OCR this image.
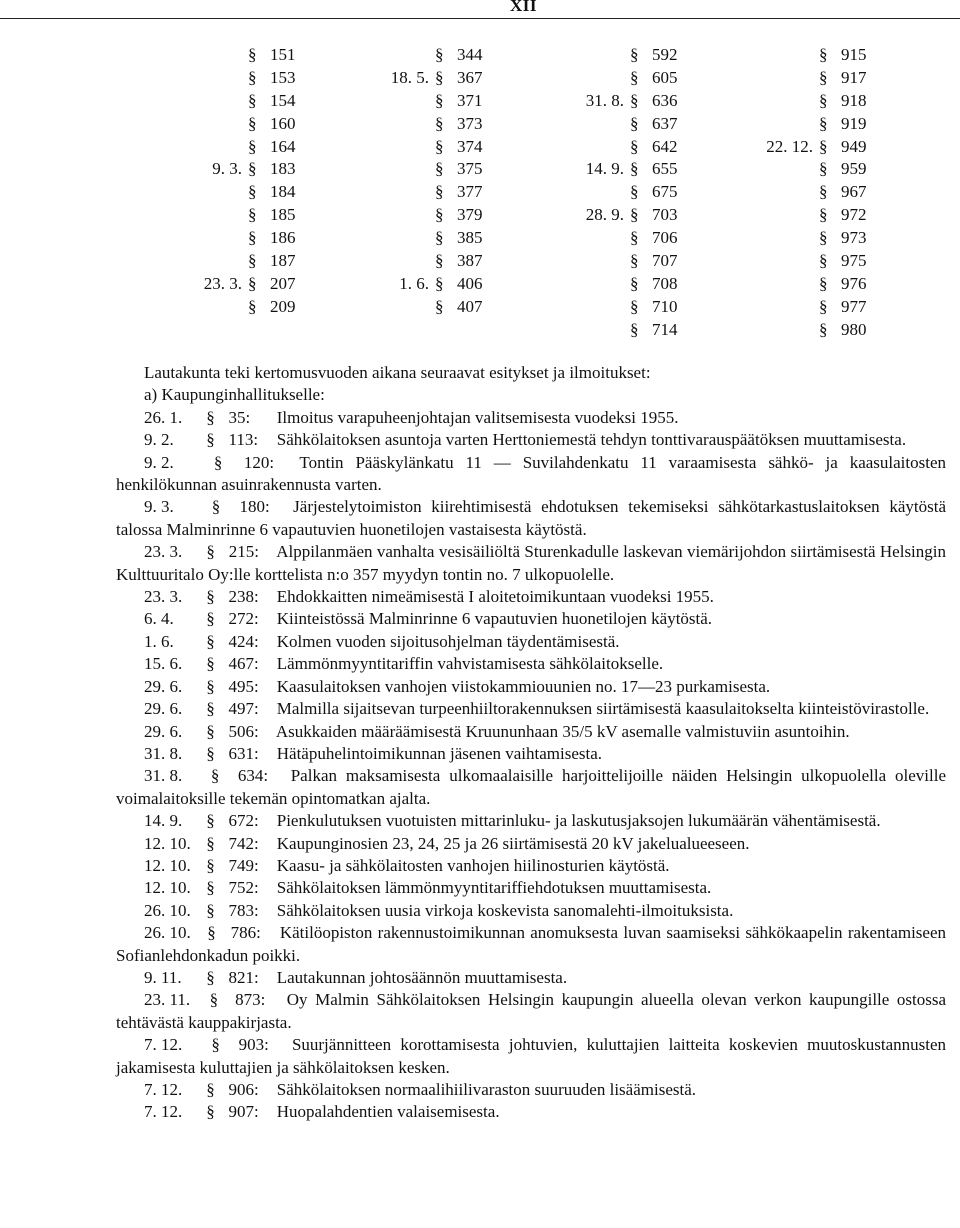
XII
§ 151
§ 153
§ 154
§ 160
§ 164
9. 3. § 183
§ 184
§ 185
§ 186
§ 187
23. 3. § 207
§ 209
§ 344
18. 5. § 367
§ 371
§ 373
§ 374
§ 375
§ 377
§ 379
§ 385
§ 387
1. 6. § 406
§ 407
§ 592
§ 605
31. 8. § 636
§ 637
§ 642
14. 9. § 655
§ 675
28. 9. § 703
§ 706
§ 707
§ 708
§ 710
§ 714
§ 915
§ 917
§ 918
§ 919
22. 12. § 949
§ 959
§ 967
§ 972
§ 973
§ 975
§ 976
§ 977
§ 980

Lautakunta teki kertomusvuoden aikana seuraavat esitykset ja ilmoitukset:

a) Kaupunginhallitukselle:

26. 1. § 35: Ilmoitus varapuheenjohtajan valitsemisesta vuodeksi 1955.

9. 2. § 113: Sähkölaitoksen asuntoja varten Herttoniemestä tehdyn tonttivarauspäätöksen muuttamisesta.

9. 2. § 120: Tontin Pääskylänkatu 11 — Suvilahdenkatu 11 varaamisesta sähkö- ja kaasulaitosten henkilökunnan asuinrakennusta varten.

9. 3. § 180: Järjestelytoimiston kiirehtimisestä ehdotuksen tekemiseksi sähkötarkastuslaitoksen käytöstä talossa Malminrinne 6 vapautuvien huonetilojen vastaisesta käytöstä.

23. 3. § 215: Alppilanmäen vanhalta vesisäiliöltä Sturenkadulle laskevan viemärijohdon siirtämisestä Helsingin Kulttuuritalo Oy:lle korttelista n:o 357 myydyn tontin no. 7 ulkopuolelle.

23. 3. § 238: Ehdokkaitten nimeämisestä I aloitetoimikuntaan vuodeksi 1955.

6. 4. § 272: Kiinteistössä Malminrinne 6 vapautuvien huonetilojen käytöstä.

1. 6. § 424: Kolmen vuoden sijoitusohjelman täydentämisestä.

15. 6. § 467: Lämmönmyyntitariffin vahvistamisesta sähkölaitokselle.

29. 6. § 495: Kaasulaitoksen vanhojen viistokammiouunien no. 17—23 purkamisesta.

29. 6. § 497: Malmilla sijaitsevan turpeenhiiltorakennuksen siirtämisestä kaasulaitokselta kiinteistövirastolle.

29. 6. § 506: Asukkaiden määräämisestä Kruununhaan 35/5 kV asemalle valmistuviin asuntoihin.

31. 8. § 631: Hätäpuhelintoimikunnan jäsenen vaihtamisesta.

31. 8. § 634: Palkan maksamisesta ulkomaalaisille harjoittelijoille näiden Helsingin ulkopuolella oleville voimalaitoksille tekemän opintomatkan ajalta.

14. 9. § 672: Pienkulutuksen vuotuisten mittarinluku- ja laskutusjaksojen lukumäärän vähentämisestä.

12. 10. § 742: Kaupunginosien 23, 24, 25 ja 26 siirtämisestä 20 kV jakelualueeseen.

12. 10. § 749: Kaasu- ja sähkölaitosten vanhojen hiilinosturien käytöstä.

12. 10. § 752: Sähkölaitoksen lämmönmyyntitariffiehdotuksen muuttamisesta.

26. 10. § 783: Sähkölaitoksen uusia virkoja koskevista sanomalehti-ilmoituksista.

26. 10. § 786: Kätilöopiston rakennustoimikunnan anomuksesta luvan saamiseksi sähkökaapelin rakentamiseen Sofianlehdonkadun poikki.

9. 11. § 821: Lautakunnan johtosäännön muuttamisesta.

23. 11. § 873: Oy Malmin Sähkölaitoksen Helsingin kaupungin alueella olevan verkon kaupungille ostossa tehtävästä kauppakirjasta.

7. 12. § 903: Suurjännitteen korottamisesta johtuvien, kuluttajien laitteita koskevien muutoskustannusten jakamisesta kuluttajien ja sähkölaitoksen kesken.

7. 12. § 906: Sähkölaitoksen normaalihiilivaraston suuruuden lisäämisestä.

7. 12. § 907: Huopalahdentien valaisemisesta.
